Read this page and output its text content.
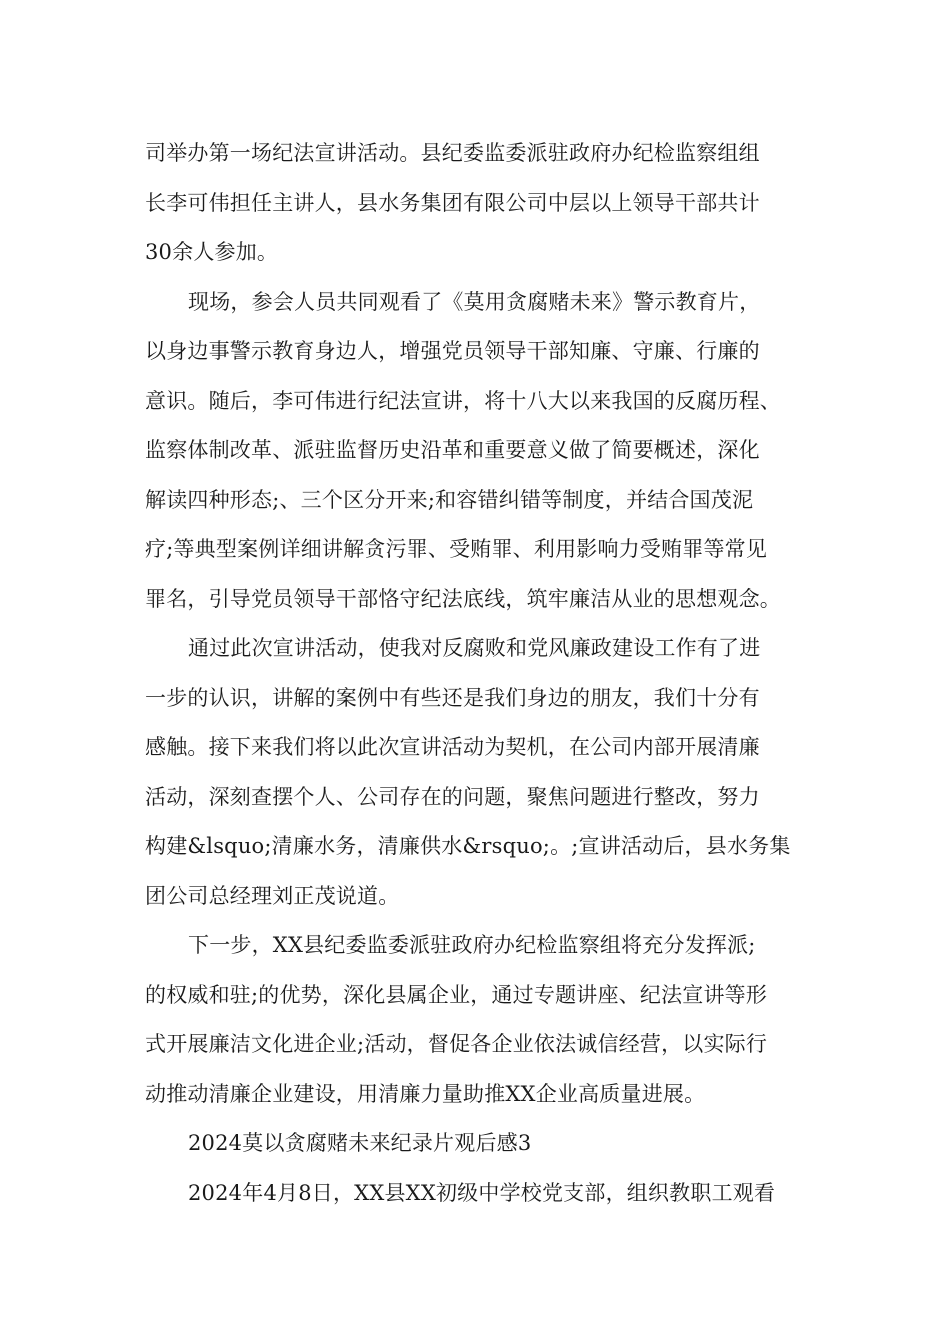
司举办第一场纪法宣讲活动。县纪委监委派驻政府办纪检监察组组
长李可伟担任主讲人，县水务集团有限公司中层以上领导干部共计
30余人参加。
现场，参会人员共同观看了《莫用贪腐赌未来》警示教育片，
以身边事警示教育身边人，增强党员领导干部知廉、守廉、行廉的
意识。随后，李可伟进行纪法宣讲，将十八大以来我国的反腐历程、
监察体制改革、派驻监督历史沿革和重要意义做了简要概述，深化
解读四种形态;、三个区分开来;和容错纠错等制度，并结合国茂泥
疗;等典型案例详细讲解贪污罪、受贿罪、利用影响力受贿罪等常见
罪名，引导党员领导干部恪守纪法底线，筑牢廉洁从业的思想观念。
通过此次宣讲活动，使我对反腐败和党风廉政建设工作有了进
一步的认识，讲解的案例中有些还是我们身边的朋友，我们十分有
感触。接下来我们将以此次宣讲活动为契机，在公司内部开展清廉
活动，深刻查摆个人、公司存在的问题，聚焦问题进行整改，努力
构建&lsquo;清廉水务，清廉供水&rsquo;。;宣讲活动后，县水务集
团公司总经理刘正茂说道。
下一步，XX县纪委监委派驻政府办纪检监察组将充分发挥派;
的权威和驻;的优势，深化县属企业，通过专题讲座、纪法宣讲等形
式开展廉洁文化进企业;活动，督促各企业依法诚信经营，以实际行
动推动清廉企业建设，用清廉力量助推XX企业高质量进展。
2024莫以贪腐赌未来纪录片观后感3
2024年4月8日，XX县XX初级中学校党支部，组织教职工观看
